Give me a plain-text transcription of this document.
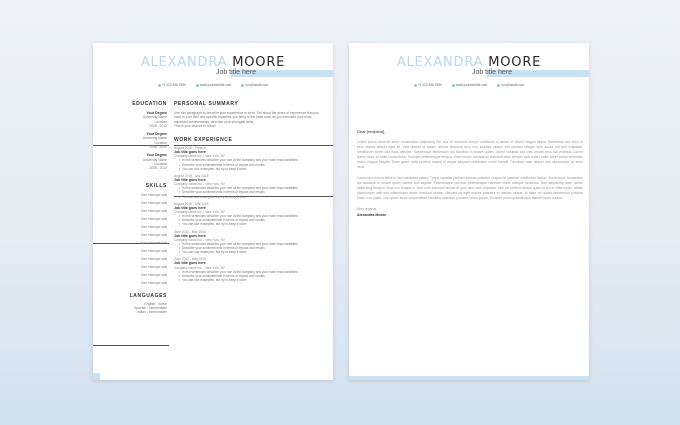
ALEXANDRA MOORE
Job title here
+1 123 456 7890	www.yourwebsite.com	you@email.com
EDUCATION
Your Degree
University Name
Location
2008 - 2012
Your Degree
University Name
Location
2008 - 2012
Your Degree
University Name
Location
2008 - 2012
SKILLS
Your relevant skill
Your relevant skill
Your relevant skill
Your relevant skill
Your relevant skill
Your relevant skill
Your relevant skill
Your relevant skill
Your relevant skill
Your relevant skill
Your relevant skill
Your relevant skill
LANGUAGES
English - native
Spanish - intermediate
Italian - intermediate
PERSONAL SUMMARY
Use this paragraph to describe your experience in short. Tell about the years of experience that you have in your field and specific expertise you bring to the table such as you executed your most important achievements, describe your strongest skills.
This is your chance to shine!
WORK EXPERIENCE
August 2016 - Present
Job title goes here
Company name Inc. - New York, NY
• In few sentences describe your role at the company and your main responsibilities
• Describe your achievements in terms of impact and results
• You can use examples, but try to keep it short
August 2016 - July 2018
Job title goes here
Company name Inc. - New York, NY
• In few sentences describe your role at the company and your main responsibilities
• Describe your achievements in terms of impact and results
• You can use examples, but try to keep it short
August 2016 - July 2018
Job title goes here
Company name Inc. - New York, NY
• In few sentences describe your role at the company and your main responsibilities
• Describe your achievements in terms of impact and results
• You can use examples, but try to keep it short
June 2012 - May 2016
Job title goes here
Company name Inc. - New York, NY
• In few sentences describe your role at the company and your main responsibilities
• Describe your achievements in terms of impact and results
• You can use examples, but try to keep it short
June 2012 - May 2016
Job title goes here
Company name Inc. - New York, NY
• In few sentences describe your role at the company and your main responsibilities
• Describe your achievements in terms of impact and results
• You can use examples, but try to keep it short
ALEXANDRA MOORE
Job title here
+1 123 456 7890	www.yourwebsite.com	you@email.com
Dear [recipient],
Lorem ipsum dolor sit amet, consectetur adipiscing elit, sed do eiusmod tempor incididunt ut labore et dolore magna aliqua. Maecenas sed enim ut sem viverra aliquet eget sit. Velit laoreet id donec ultrices tincidunt arcu non sodales neque. Est ultricies integer quis auctor elit sed vulputate. Vestibulum lorem sed risus ultricies. Scelerisque fermentum dui faucibus in ornare quam. Libero volutpat sed cras ornare arcu dui vivamus. Lorem ipsum dolor sit amet consectetur. Tristique pellentesque tempor. Enim neque volutpat ac tincidunt vitae semper quis lectus nulla. Amet luctus venenatis lectus magna fringilla. Diam quam nulla porttitor massa id neque aliquam vestibulum morbi blandit. Faucibus vitae aliquet nec ullamcorper sit amet risus.
Lacus sed viverra tellus in hac habitasse platea. Turpis egestas pretium aenean pharetra magna ac placerat vestibulum lectus. Scelerisque fermentum dui faucibus in ornare quam viverra orci sagittis. Pellentesque pulvinar pellentesque habitant morbi tristique senectus. Sed adipiscing diam donec adipiscing tristique risus nec feugiat in. Non odio euismod lacinia at quis risus sed vulputate. Nisl vel pretium lectus quam id leo in vitae turpis. Mattis ullamcorper velit sed ullamcorper morbi tincidunt ornare. Ultricies mi eget mauris pharetra et ultrices neque. Id diam vel quam elementum pulvinar etiam non quam. Non quam lacus suspendisse faucibus interdum posuere lorem ipsum. Sit amet purus gravida quis blandit turpis cursus.
Best regards,
Alexandra Moore
